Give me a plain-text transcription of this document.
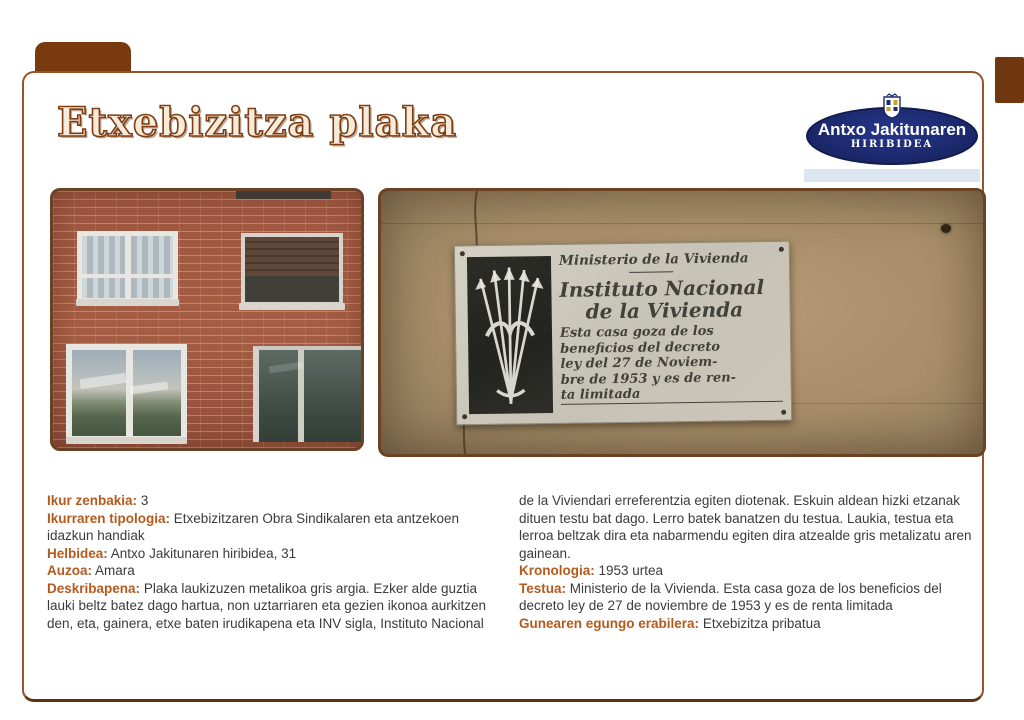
Etxebizitza plaka	Antxo Jakitunaren
HIRIBIDEA
Ministerio de la Vivienda
Instituto Nacional
de la Vivienda
Esta casa goza de los
beneficios del decreto
ley del 27 de Noviem-
bre de 1953 y es de ren-
ta limitada
Ikur zenbakia: 3
Ikurraren tipologia: Etxebizitzaren Obra Sindikalaren eta antzekoen idazkun handiak
Helbidea: Antxo Jakitunaren hiribidea, 31
Auzoa: Amara
Deskribapena: Plaka laukizuzen metalikoa gris argia. Ezker alde guztia lauki beltz batez dago hartua, non uztarriaren eta gezien ikonoa aurkitzen den, eta, gainera, etxe baten irudikapena eta INV sigla, Instituto Nacional
de la Viviendari erreferentzia egiten diotenak. Eskuin aldean hizki etzanak dituen testu bat dago. Lerro batek banatzen du testua. Laukia, testua eta lerroa beltzak dira eta nabarmendu egiten dira atzealde gris metalizatu aren gainean.
Kronologia: 1953 urtea
Testua: Ministerio de la Vivienda. Esta casa goza de los beneficios del decreto ley de 27 de noviembre de 1953 y es de renta limitada
Gunearen egungo erabilera: Etxebizitza pribatua
